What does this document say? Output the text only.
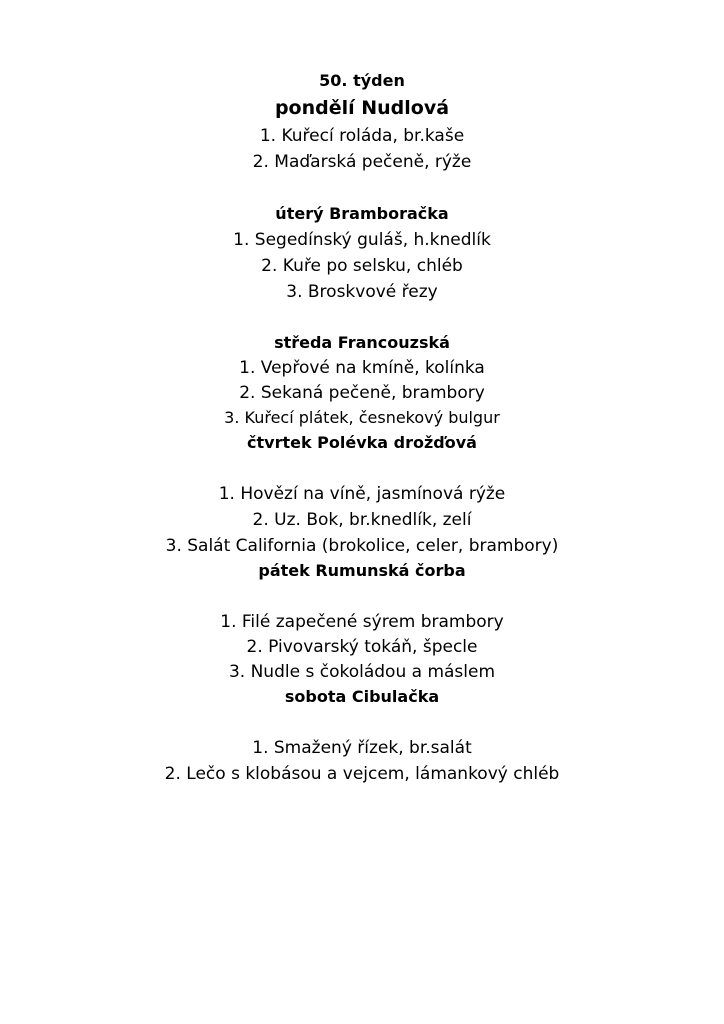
50. týden
pondělí Nudlová
1. Kuřecí roláda, br.kaše
2. Maďarská pečeně, rýže
úterý Bramboračka
1. Segedínský guláš, h.knedlík
2. Kuře po selsku, chléb
3. Broskvové řezy
středa Francouzská
1. Vepřové na kmíně, kolínka
2. Sekaná pečeně, brambory
3. Kuřecí plátek, česnekový bulgur
čtvrtek Polévka drožďová
1. Hovězí na víně, jasmínová rýže
2. Uz. Bok, br.knedlík, zelí
3. Salát California (brokolice, celer, brambory)
pátek Rumunská čorba
1. Filé zapečené sýrem brambory
2. Pivovarský tokáň, špecle
3. Nudle s čokoládou a máslem
sobota Cibulačka
1. Smažený řízek, br.salát
2. Lečo s klobásou a vejcem, lámankový chléb
